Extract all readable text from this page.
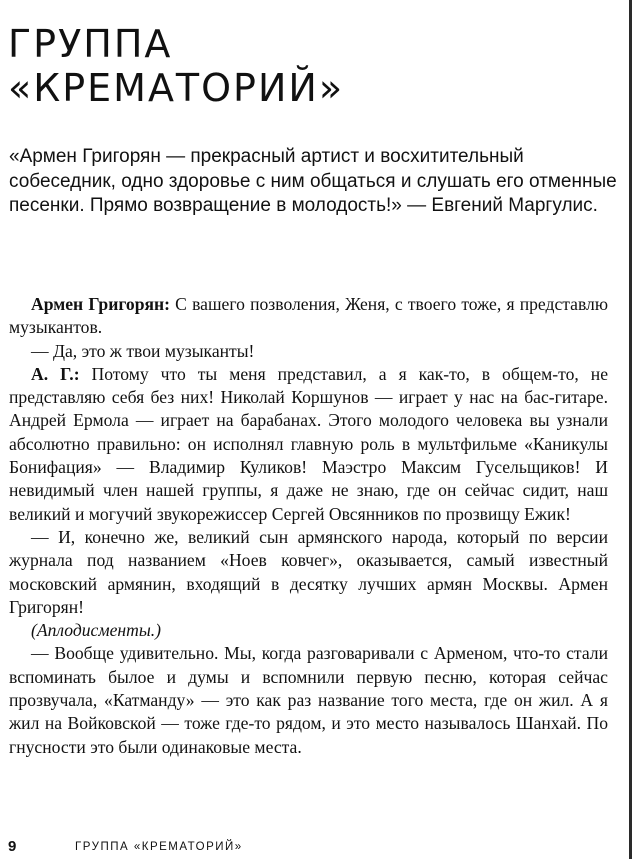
ГРУППА
«КРЕМАТОРИЙ»

«Армен Григорян — прекрасный артист и восхитительный собеседник, одно здоровье с ним общаться и слушать его отменные песенки. Прямо возвращение в молодость!» — Евгений Маргулис.

Армен Григорян: С вашего позволения, Женя, с твоего тоже, я представлю музыкантов.

— Да, это ж твои музыканты!

А. Г.: Потому что ты меня представил, а я как-то, в общем-то, не представляю себя без них! Николай Коршунов — играет у нас на бас-гитаре. Андрей Ермола — играет на барабанах. Этого молодого человека вы узнали абсолютно правильно: он исполнял главную роль в мультфильме «Каникулы Бонифация» — Владимир Куликов! Маэстро Максим Гусельщиков! И невидимый член нашей группы, я даже не знаю, где он сейчас сидит, наш великий и могучий звукорежиссер Сергей Овсянников по прозвищу Ежик!

— И, конечно же, великий сын армянского народа, который по версии журнала под названием «Ноев ковчег», оказывается, самый известный московский армянин, входящий в десятку лучших армян Москвы. Армен Григорян!

(Аплодисменты.)

— Вообще удивительно. Мы, когда разговаривали с Арменом, что-то стали вспоминать былое и думы и вспомнили первую песню, которая сейчас прозвучала, «Катманду» — это как раз название того места, где он жил. А я жил на Войковской — тоже где-то рядом, и это место называлось Шанхай. По гнусности это были одинаковые места.

9	ГРУППА «КРЕМАТОРИЙ»
